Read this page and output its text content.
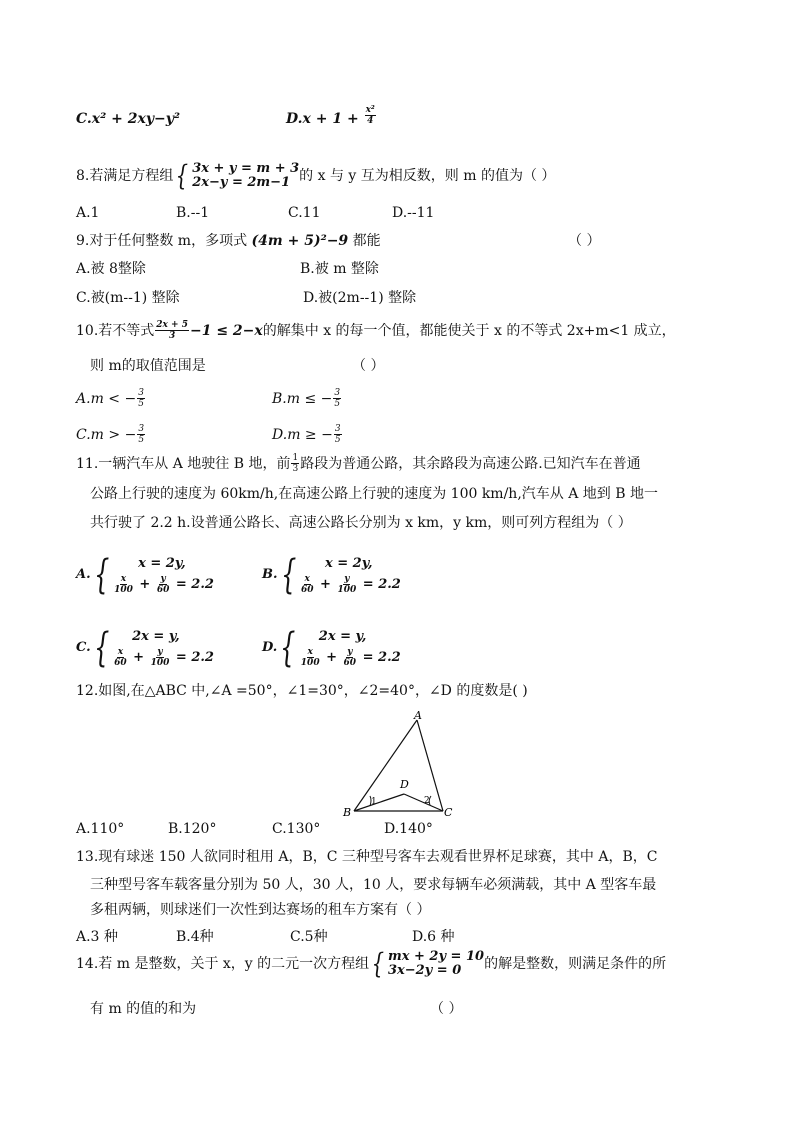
C.x² + 2xy−y²	$D.x + 1 + \frac{\text{x²}}{4}$
8.若满足方程组 { 3x + y = m + 3
2x−y = 2m−1 的 x 与 y 互为相反数，则 m 的值为（ ）
A.1	B.--1	C.11	D.--11
9.对于任何整数 m，多项式 (4m + 5)²−9 都能	（ ）
A.被 8整除	B.被 m 整除
C.被(m--1) 整除	D.被(2m--1) 整除
10.若不等式 $\frac{2x + 5}{3} -1 \le 2-x$ 的解集中 x 的每一个值，都能使关于 x 的不等式 2x+m<1 成立，
则 m的取值范围是	（ ）
A. m < − $\frac{3}{5}$	B. m ≤ − $\frac{3}{5}$
C. m > − $\frac{3}{5}$	D. m ≥ − $\frac{3}{5}$
11.一辆汽车从 A 地驶往 B 地，前 $\frac{1}{3}$ 路段为普通公路，其余路段为高速公路.已知汽车在普通
公路上行驶的速度为 60km/h,在高速公路上行驶的速度为 100 km/h,汽车从 A 地到 B 地一
共行驶了 2.2 h.设普通公路长、高速公路长分别为 x km，y km，则可列方程组为（ ）
A. {	x = 2y,
$\frac{x}{100} + \frac{y}{60}$
= 2.2
B. {	x = 2y,
$\frac{x}{60} + \frac{y}{100}$
= 2.2
C. {	2x = y,
$\frac{x}{60} + \frac{y}{100}$
= 2.2
D. {	2x = y,
$\frac{x}{100} + \frac{y}{60}$
= 2.2
12.如图,在△ABC 中,∠A =50°，∠1=30°，∠2=40°，∠D 的度数是( )
A
B	C
D
1	2
A.110°	B.120°	C.130°	D.140°
13.现有球迷 150 人欲同时租用 A，B，C 三种型号客车去观看世界杯足球赛，其中 A，B，C
三种型号客车载客量分别为 50 人，30 人，10 人，要求每辆车必须满载，其中 A 型客车最
多租两辆，则球迷们一次性到达赛场的租车方案有（ ）
A.3 种	B.4种	C.5种	D.6 种
14.若 m 是整数，关于 x，y 的二元一次方程组 { mx + 2y = 10
3x−2y = 0	的解是整数，则满足条件的所
有 m 的值的和为	（ ）
